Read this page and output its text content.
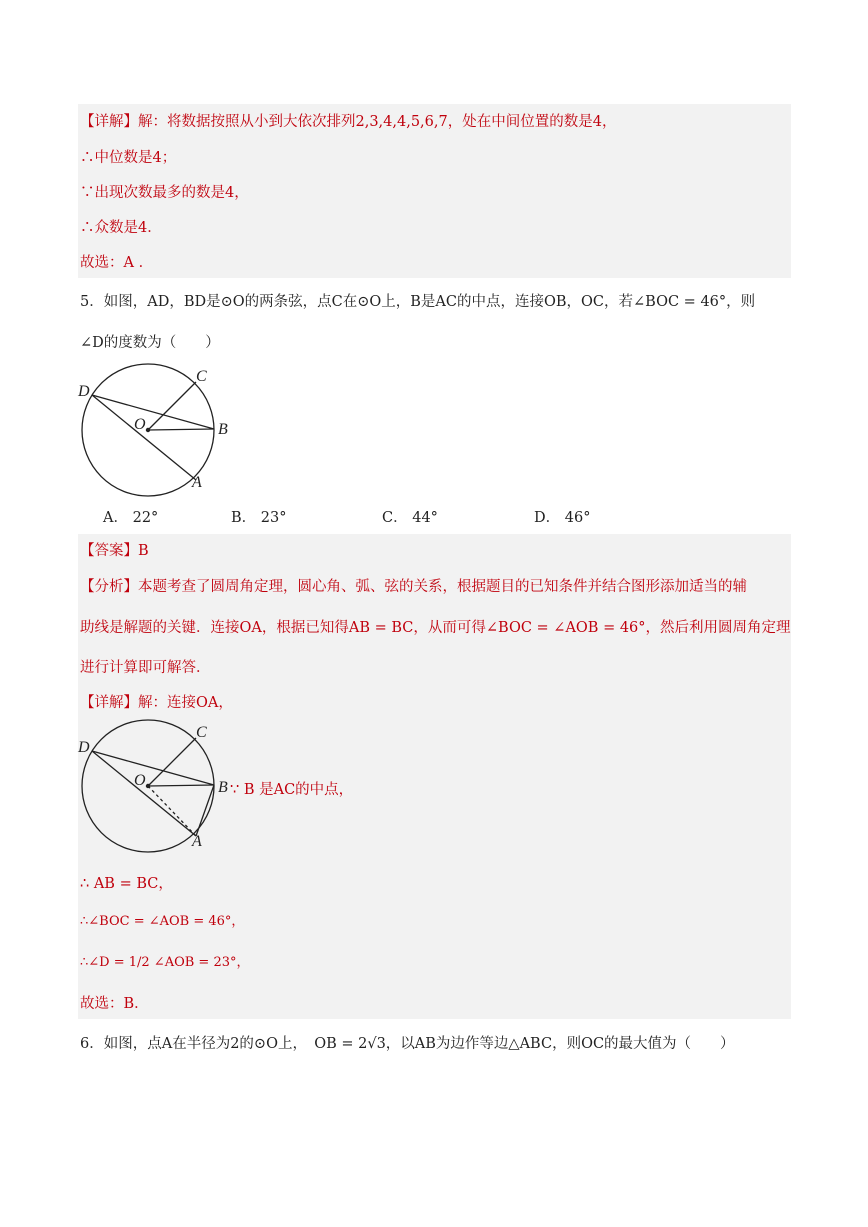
【详解】解：将数据按照从小到大依次排列2,3,4,4,5,6,7，处在中间位置的数是4，
∴中位数是4；
∵出现次数最多的数是4，
∴众数是4．
故选：A ．
5．如图，AD，BD是⊙O的两条弦，点C在⊙O上，B是AC的中点，连接OB，OC，若∠BOC = 46°，则
∠D的度数为（　　）
D
C
O	B
A
A． 22°	B． 23°	C． 44°	D． 46°
【答案】B
【分析】本题考查了圆周角定理，圆心角、弧、弦的关系，根据题目的已知条件并结合图形添加适当的辅
助线是解题的关键．连接OA，根据已知得AB = BC，从而可得∠BOC = ∠AOB = 46°，然后利用圆周角定理
进行计算即可解答．
【详解】解：连接OA，
D
C
O	B
A
∵ B 是AC的中点，
∴ AB = BC，
∴∠BOC = ∠AOB = 46°，
∴∠D = 1/2 ∠AOB = 23°，
故选：B．
6．如图，点A在半径为2的⊙O上，　OB = 2√3，以AB为边作等边△ABC，则OC的最大值为（　　）
